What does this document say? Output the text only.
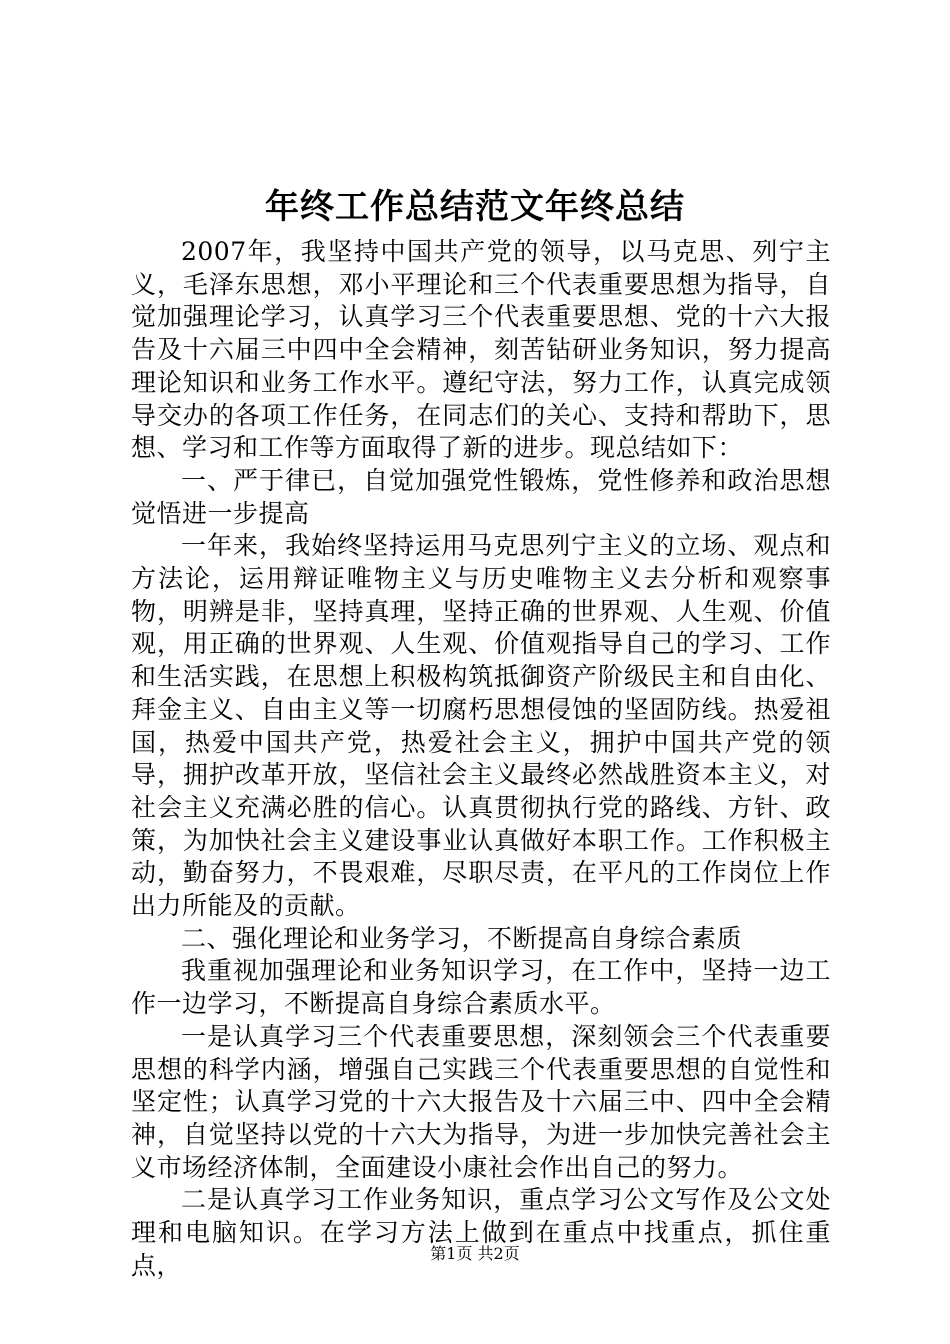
年终工作总结范文年终总结

2007年，我坚持中国共产党的领导，以马克思、列宁主义，毛泽东思想，邓小平理论和三个代表重要思想为指导，自觉加强理论学习，认真学习三个代表重要思想、党的十六大报告及十六届三中四中全会精神，刻苦钻研业务知识，努力提高理论知识和业务工作水平。遵纪守法，努力工作，认真完成领导交办的各项工作任务，在同志们的关心、支持和帮助下，思想、学习和工作等方面取得了新的进步。现总结如下：

一、严于律已，自觉加强党性锻炼，党性修养和政治思想觉悟进一步提高

一年来，我始终坚持运用马克思列宁主义的立场、观点和方法论，运用辩证唯物主义与历史唯物主义去分析和观察事物，明辨是非，坚持真理，坚持正确的世界观、人生观、价值观，用正确的世界观、人生观、价值观指导自己的学习、工作和生活实践，在思想上积极构筑抵御资产阶级民主和自由化、拜金主义、自由主义等一切腐朽思想侵蚀的坚固防线。热爱祖国，热爱中国共产党，热爱社会主义，拥护中国共产党的领导，拥护改革开放，坚信社会主义最终必然战胜资本主义，对社会主义充满必胜的信心。认真贯彻执行党的路线、方针、政策，为加快社会主义建设事业认真做好本职工作。工作积极主动，勤奋努力，不畏艰难，尽职尽责，在平凡的工作岗位上作出力所能及的贡献。

二、强化理论和业务学习，不断提高自身综合素质

我重视加强理论和业务知识学习，在工作中，坚持一边工作一边学习，不断提高自身综合素质水平。

一是认真学习三个代表重要思想，深刻领会三个代表重要思想的科学内涵，增强自己实践三个代表重要思想的自觉性和坚定性；认真学习党的十六大报告及十六届三中、四中全会精神，自觉坚持以党的十六大为指导，为进一步加快完善社会主义市场经济体制，全面建设小康社会作出自己的努力。

二是认真学习工作业务知识，重点学习公文写作及公文处理和电脑知识。在学习方法上做到在重点中找重点，抓住重点，	第1页 共2页
